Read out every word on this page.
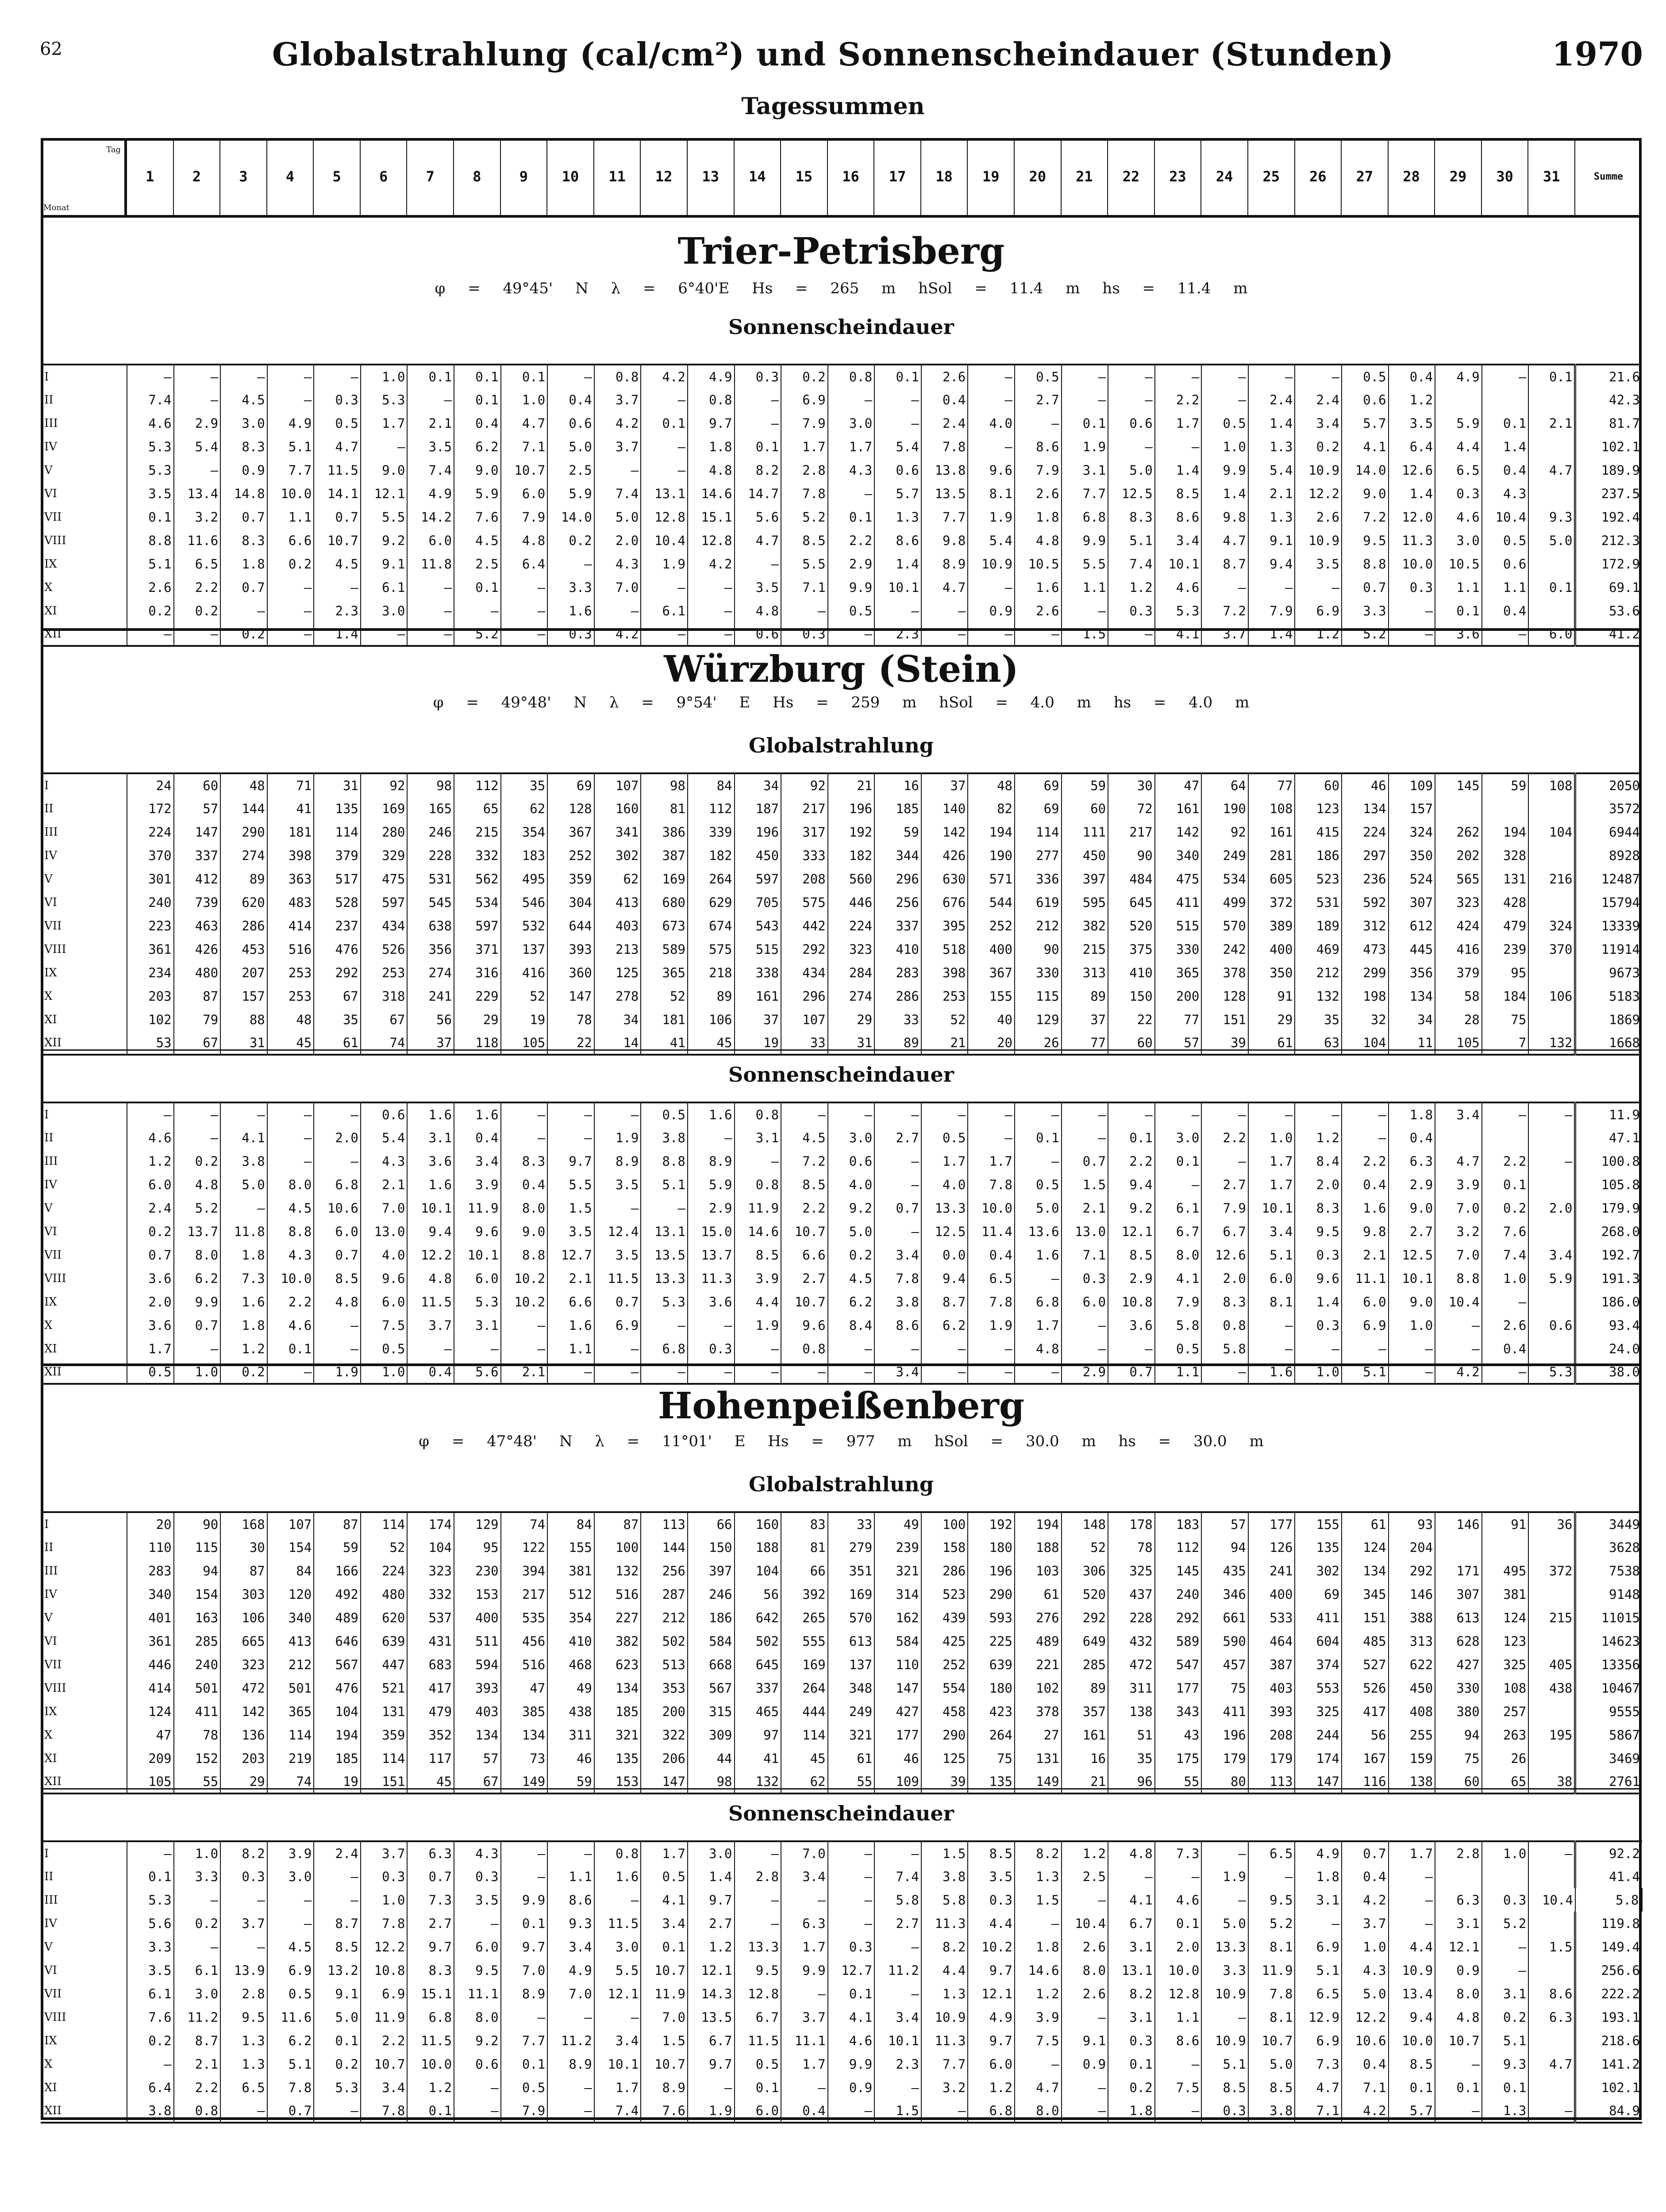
62	Globalstrahlung (cal/cm²) und Sonnenscheindauer (Stunden)	1970
Tagessummen
Tag
Monat
1	2	3	4	5	6	7	8	9	10	11	12	13	14	15	16	17	18	19	20	21	22	23	24	25	26	27	28	29	30	31	Summe
Trier-Petrisberg
φ = 49°45' N λ = 6°40'E Hs = 265 m hSol = 11.4 m hs = 11.4 m
Sonnenscheindauer
I	–	–	–	–	–	1.0	0.1	0.1	0.1	–	0.8	4.2	4.9	0.3	0.2	0.8	0.1	2.6	–	0.5	–	–	–	–	–	–	0.5	0.4	4.9	–	0.1	21.6
II	7.4	–	4.5	–	0.3	5.3	–	0.1	1.0	0.4	3.7	–	0.8	–	6.9	–	–	0.4	–	2.7	–	–	2.2	–	2.4	2.4	0.6	1.2				42.3
III	4.6	2.9	3.0	4.9	0.5	1.7	2.1	0.4	4.7	0.6	4.2	0.1	9.7	–	7.9	3.0	–	2.4	4.0	–	0.1	0.6	1.7	0.5	1.4	3.4	5.7	3.5	5.9	0.1	2.1	81.7
IV	5.3	5.4	8.3	5.1	4.7	–	3.5	6.2	7.1	5.0	3.7	–	1.8	0.1	1.7	1.7	5.4	7.8	–	8.6	1.9	–	–	1.0	1.3	0.2	4.1	6.4	4.4	1.4		102.1
V	5.3	–	0.9	7.7	11.5	9.0	7.4	9.0	10.7	2.5	–	–	4.8	8.2	2.8	4.3	0.6	13.8	9.6	7.9	3.1	5.0	1.4	9.9	5.4	10.9	14.0	12.6	6.5	0.4	4.7	189.9
VI	3.5	13.4	14.8	10.0	14.1	12.1	4.9	5.9	6.0	5.9	7.4	13.1	14.6	14.7	7.8	–	5.7	13.5	8.1	2.6	7.7	12.5	8.5	1.4	2.1	12.2	9.0	1.4	0.3	4.3		237.5
VII	0.1	3.2	0.7	1.1	0.7	5.5	14.2	7.6	7.9	14.0	5.0	12.8	15.1	5.6	5.2	0.1	1.3	7.7	1.9	1.8	6.8	8.3	8.6	9.8	1.3	2.6	7.2	12.0	4.6	10.4	9.3	192.4
VIII	8.8	11.6	8.3	6.6	10.7	9.2	6.0	4.5	4.8	0.2	2.0	10.4	12.8	4.7	8.5	2.2	8.6	9.8	5.4	4.8	9.9	5.1	3.4	4.7	9.1	10.9	9.5	11.3	3.0	0.5	5.0	212.3
IX	5.1	6.5	1.8	0.2	4.5	9.1	11.8	2.5	6.4	–	4.3	1.9	4.2	–	5.5	2.9	1.4	8.9	10.9	10.5	5.5	7.4	10.1	8.7	9.4	3.5	8.8	10.0	10.5	0.6		172.9
X	2.6	2.2	0.7	–	–	6.1	–	0.1	–	3.3	7.0	–	–	3.5	7.1	9.9	10.1	4.7	–	1.6	1.1	1.2	4.6	–	–	–	0.7	0.3	1.1	1.1	0.1	69.1
XI	0.2	0.2	–	–	2.3	3.0	–	–	–	1.6	–	6.1	–	4.8	–	0.5	–	–	0.9	2.6	–	0.3	5.3	7.2	7.9	6.9	3.3	–	0.1	0.4		53.6
XII	–	–	0.2	–	1.4	–	–	5.2	–	0.3	4.2	–	–	0.6	0.3	–	2.3	–	–	–	1.5	–	4.1	3.7	1.4	1.2	5.2	–	3.6	–	6.0	41.2
Würzburg (Stein)
φ = 49°48' N λ = 9°54' E Hs = 259 m hSol = 4.0 m hs = 4.0 m
Globalstrahlung
I	24	60	48	71	31	92	98	112	35	69	107	98	84	34	92	21	16	37	48	69	59	30	47	64	77	60	46	109	145	59	108	2050
II	172	57	144	41	135	169	165	65	62	128	160	81	112	187	217	196	185	140	82	69	60	72	161	190	108	123	134	157				3572
III	224	147	290	181	114	280	246	215	354	367	341	386	339	196	317	192	59	142	194	114	111	217	142	92	161	415	224	324	262	194	104	6944
IV	370	337	274	398	379	329	228	332	183	252	302	387	182	450	333	182	344	426	190	277	450	90	340	249	281	186	297	350	202	328		8928
V	301	412	89	363	517	475	531	562	495	359	62	169	264	597	208	560	296	630	571	336	397	484	475	534	605	523	236	524	565	131	216	12487
VI	240	739	620	483	528	597	545	534	546	304	413	680	629	705	575	446	256	676	544	619	595	645	411	499	372	531	592	307	323	428		15794
VII	223	463	286	414	237	434	638	597	532	644	403	673	674	543	442	224	337	395	252	212	382	520	515	570	389	189	312	612	424	479	324	13339
VIII	361	426	453	516	476	526	356	371	137	393	213	589	575	515	292	323	410	518	400	90	215	375	330	242	400	469	473	445	416	239	370	11914
IX	234	480	207	253	292	253	274	316	416	360	125	365	218	338	434	284	283	398	367	330	313	410	365	378	350	212	299	356	379	95		9673
X	203	87	157	253	67	318	241	229	52	147	278	52	89	161	296	274	286	253	155	115	89	150	200	128	91	132	198	134	58	184	106	5183
XI	102	79	88	48	35	67	56	29	19	78	34	181	106	37	107	29	33	52	40	129	37	22	77	151	29	35	32	34	28	75		1869
XII	53	67	31	45	61	74	37	118	105	22	14	41	45	19	33	31	89	21	20	26	77	60	57	39	61	63	104	11	105	7	132	1668
Sonnenscheindauer
I	–	–	–	–	–	0.6	1.6	1.6	–	–	–	0.5	1.6	0.8	–	–	–	–	–	–	–	–	–	–	–	–	–	1.8	3.4	–	–	11.9
II	4.6	–	4.1	–	2.0	5.4	3.1	0.4	–	–	1.9	3.8	–	3.1	4.5	3.0	2.7	0.5	–	0.1	–	0.1	3.0	2.2	1.0	1.2	–	0.4				47.1
III	1.2	0.2	3.8	–	–	4.3	3.6	3.4	8.3	9.7	8.9	8.8	8.9	–	7.2	0.6	–	1.7	1.7	–	0.7	2.2	0.1	–	1.7	8.4	2.2	6.3	4.7	2.2	–	100.8
IV	6.0	4.8	5.0	8.0	6.8	2.1	1.6	3.9	0.4	5.5	3.5	5.1	5.9	0.8	8.5	4.0	–	4.0	7.8	0.5	1.5	9.4	–	2.7	1.7	2.0	0.4	2.9	3.9	0.1		105.8
V	2.4	5.2	–	4.5	10.6	7.0	10.1	11.9	8.0	1.5	–	–	2.9	11.9	2.2	9.2	0.7	13.3	10.0	5.0	2.1	9.2	6.1	7.9	10.1	8.3	1.6	9.0	7.0	0.2	2.0	179.9
VI	0.2	13.7	11.8	8.8	6.0	13.0	9.4	9.6	9.0	3.5	12.4	13.1	15.0	14.6	10.7	5.0	–	12.5	11.4	13.6	13.0	12.1	6.7	6.7	3.4	9.5	9.8	2.7	3.2	7.6		268.0
VII	0.7	8.0	1.8	4.3	0.7	4.0	12.2	10.1	8.8	12.7	3.5	13.5	13.7	8.5	6.6	0.2	3.4	0.0	0.4	1.6	7.1	8.5	8.0	12.6	5.1	0.3	2.1	12.5	7.0	7.4	3.4	192.7
VIII	3.6	6.2	7.3	10.0	8.5	9.6	4.8	6.0	10.2	2.1	11.5	13.3	11.3	3.9	2.7	4.5	7.8	9.4	6.5	–	0.3	2.9	4.1	2.0	6.0	9.6	11.1	10.1	8.8	1.0	5.9	191.3
IX	2.0	9.9	1.6	2.2	4.8	6.0	11.5	5.3	10.2	6.6	0.7	5.3	3.6	4.4	10.7	6.2	3.8	8.7	7.8	6.8	6.0	10.8	7.9	8.3	8.1	1.4	6.0	9.0	10.4	–		186.0
X	3.6	0.7	1.8	4.6	–	7.5	3.7	3.1	–	1.6	6.9	–	–	1.9	9.6	8.4	8.6	6.2	1.9	1.7	–	3.6	5.8	0.8	–	0.3	6.9	1.0	–	2.6	0.6	93.4
XI	1.7	–	1.2	0.1	–	0.5	–	–	–	1.1	–	6.8	0.3	–	0.8	–	–	–	–	4.8	–	–	0.5	5.8	–	–	–	–	–	0.4		24.0
XII	0.5	1.0	0.2	–	1.9	1.0	0.4	5.6	2.1	–	–	–	–	–	–	–	3.4	–	–	–	2.9	0.7	1.1	–	1.6	1.0	5.1	–	4.2	–	5.3	38.0
Hohenpeißenberg
φ = 47°48' N λ = 11°01' E Hs = 977 m hSol = 30.0 m hs = 30.0 m
Globalstrahlung
I	20	90	168	107	87	114	174	129	74	84	87	113	66	160	83	33	49	100	192	194	148	178	183	57	177	155	61	93	146	91	36	3449
II	110	115	30	154	59	52	104	95	122	155	100	144	150	188	81	279	239	158	180	188	52	78	112	94	126	135	124	204				3628
III	283	94	87	84	166	224	323	230	394	381	132	256	397	104	66	351	321	286	196	103	306	325	145	435	241	302	134	292	171	495	372	7538
IV	340	154	303	120	492	480	332	153	217	512	516	287	246	56	392	169	314	523	290	61	520	437	240	346	400	69	345	146	307	381		9148
V	401	163	106	340	489	620	537	400	535	354	227	212	186	642	265	570	162	439	593	276	292	228	292	661	533	411	151	388	613	124	215	11015
VI	361	285	665	413	646	639	431	511	456	410	382	502	584	502	555	613	584	425	225	489	649	432	589	590	464	604	485	313	628	123		14623
VII	446	240	323	212	567	447	683	594	516	468	623	513	668	645	169	137	110	252	639	221	285	472	547	457	387	374	527	622	427	325	405	13356
VIII	414	501	472	501	476	521	417	393	47	49	134	353	567	337	264	348	147	554	180	102	89	311	177	75	403	553	526	450	330	108	438	10467
IX	124	411	142	365	104	131	479	403	385	438	185	200	315	465	444	249	427	458	423	378	357	138	343	411	393	325	417	408	380	257		9555
X	47	78	136	114	194	359	352	134	134	311	321	322	309	97	114	321	177	290	264	27	161	51	43	196	208	244	56	255	94	263	195	5867
XI	209	152	203	219	185	114	117	57	73	46	135	206	44	41	45	61	46	125	75	131	16	35	175	179	179	174	167	159	75	26		3469
XII	105	55	29	74	19	151	45	67	149	59	153	147	98	132	62	55	109	39	135	149	21	96	55	80	113	147	116	138	60	65	38	2761
Sonnenscheindauer
I	–	1.0	8.2	3.9	2.4	3.7	6.3	4.3	–	–	0.8	1.7	3.0	–	7.0	–	–	1.5	8.5	8.2	1.2	4.8	7.3	–	6.5	4.9	0.7	1.7	2.8	1.0	–	92.2	
II	0.1	3.3	0.3	3.0	–	0.3	0.7	0.3	–	1.1	1.6	0.5	1.4	2.8	3.4	–	7.4	3.8	3.5	1.3	2.5	–	–	1.9	–	1.8	0.4	–				41.4	
III	5.3	–	–	–	–	1.0	7.3	3.5	9.9	8.6	–	4.1	9.7	–	–	–	5.8	5.8	0.3	1.5	–	4.1	4.6	–	9.5	3.1	4.2	–	6.3	0.3	10.4	5.8	
IV	5.6	0.2	3.7	–	8.7	7.8	2.7	–	0.1	9.3	11.5	3.4	2.7	–	6.3	–	2.7	11.3	4.4	–	10.4	6.7	0.1	5.0	5.2	–	3.7	–	3.1	5.2		119.8	
V	3.3	–	–	4.5	8.5	12.2	9.7	6.0	9.7	3.4	3.0	0.1	1.2	13.3	1.7	0.3	–	8.2	10.2	1.8	2.6	3.1	2.0	13.3	8.1	6.9	1.0	4.4	12.1	–	1.5	149.4	
VI	3.5	6.1	13.9	6.9	13.2	10.8	8.3	9.5	7.0	4.9	5.5	10.7	12.1	9.5	9.9	12.7	11.2	4.4	9.7	14.6	8.0	13.1	10.0	3.3	11.9	5.1	4.3	10.9	0.9	–		256.6	
VII	6.1	3.0	2.8	0.5	9.1	6.9	15.1	11.1	8.9	7.0	12.1	11.9	14.3	12.8	–	0.1	–	1.3	12.1	1.2	2.6	8.2	12.8	10.9	7.8	6.5	5.0	13.4	8.0	3.1	8.6	222.2	
VIII	7.6	11.2	9.5	11.6	5.0	11.9	6.8	8.0	–	–	–	7.0	13.5	6.7	3.7	4.1	3.4	10.9	4.9	3.9	–	3.1	1.1	–	8.1	12.9	12.2	9.4	4.8	0.2	6.3	193.1	
IX	0.2	8.7	1.3	6.2	0.1	2.2	11.5	9.2	7.7	11.2	3.4	1.5	6.7	11.5	11.1	4.6	10.1	11.3	9.7	7.5	9.1	0.3	8.6	10.9	10.7	6.9	10.6	10.0	10.7	5.1		218.6	
X	–	2.1	1.3	5.1	0.2	10.7	10.0	0.6	0.1	8.9	10.1	10.7	9.7	0.5	1.7	9.9	2.3	7.7	6.0	–	0.9	0.1	–	5.1	5.0	7.3	0.4	8.5	–	9.3	4.7	141.2	
XI	6.4	2.2	6.5	7.8	5.3	3.4	1.2	–	0.5	–	1.7	8.9	–	0.1	–	0.9	–	3.2	1.2	4.7	–	0.2	7.5	8.5	8.5	4.7	7.1	0.1	0.1	0.1		102.1	
XII	3.8	0.8	–	0.7	–	7.8	0.1	–	7.9	–	7.4	7.6	1.9	6.0	0.4	–	1.5	–	6.8	8.0	–	1.8	–	0.3	3.8	7.1	4.2	5.7	–	1.3	–	84.9	
